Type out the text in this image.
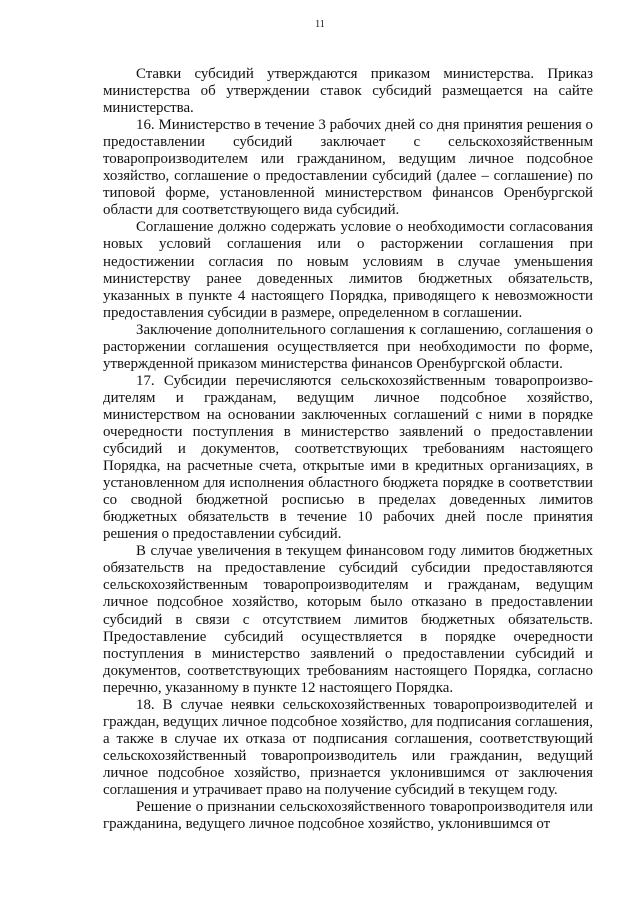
11

Ставки субсидий утверждаются приказом министерства. Приказ министерства об утверждении ставок субсидий размещается на сайте министерства.

16. Министерство в течение 3 рабочих дней со дня принятия решения о предоставлении субсидий заключает с сельскохозяйственным товаропроизводителем или гражданином, ведущим личное подсобное хозяйство, соглашение о предоставлении субсидий (далее – соглашение) по типовой форме, установленной министерством финансов Оренбургской области для соответствующего вида субсидий.

Соглашение должно содержать условие о необходимости согласования новых условий соглашения или о расторжении соглашения при недостижении согласия по новым условиям в случае уменьшения министерству ранее доведенных лимитов бюджетных обязательств, указанных в пункте 4 настоящего Порядка, приводящего к невозможности предоставления субсидии в размере, определенном в соглашении.

Заключение дополнительного соглашения к соглашению, соглашения о расторжении соглашения осуществляется при необходимости по форме, утвержденной приказом министерства финансов Оренбургской области.

17. Субсидии перечисляются сельскохозяйственным товаропроизводителям и гражданам, ведущим личное подсобное хозяйство, министерством на основании заключенных соглашений с ними в порядке очередности поступления в министерство заявлений о предоставлении субсидий и документов, соответствующих требованиям настоящего Порядка, на расчетные счета, открытые ими в кредитных организациях, в установленном для исполнения областного бюджета порядке в соответствии со сводной бюджетной росписью в пределах доведенных лимитов бюджетных обязательств в течение 10 рабочих дней после принятия решения о предоставлении субсидий.

В случае увеличения в текущем финансовом году лимитов бюджетных обязательств на предоставление субсидий субсидии предоставляются сельскохозяйственным товаропроизводителям и гражданам, ведущим личное подсобное хозяйство, которым было отказано в предоставлении субсидий в связи с отсутствием лимитов бюджетных обязательств. Предоставление субсидий осуществляется в порядке очередности поступления в министерство заявлений о предоставлении субсидий и документов, соответствующих требованиям настоящего Порядка, согласно перечню, указанному в пункте 12 настоящего Порядка.

18. В случае неявки сельскохозяйственных товаропроизводителей и граждан, ведущих личное подсобное хозяйство, для подписания соглашения, а также в случае их отказа от подписания соглашения, соответствующий сельскохозяйственный товаропроизводитель или гражданин, ведущий личное подсобное хозяйство, признается уклонившимся от заключения соглашения и утрачивает право на получение субсидий в текущем году.

Решение о признании сельскохозяйственного товаропроизводителя или гражданина, ведущего личное подсобное хозяйство, уклонившимся от
